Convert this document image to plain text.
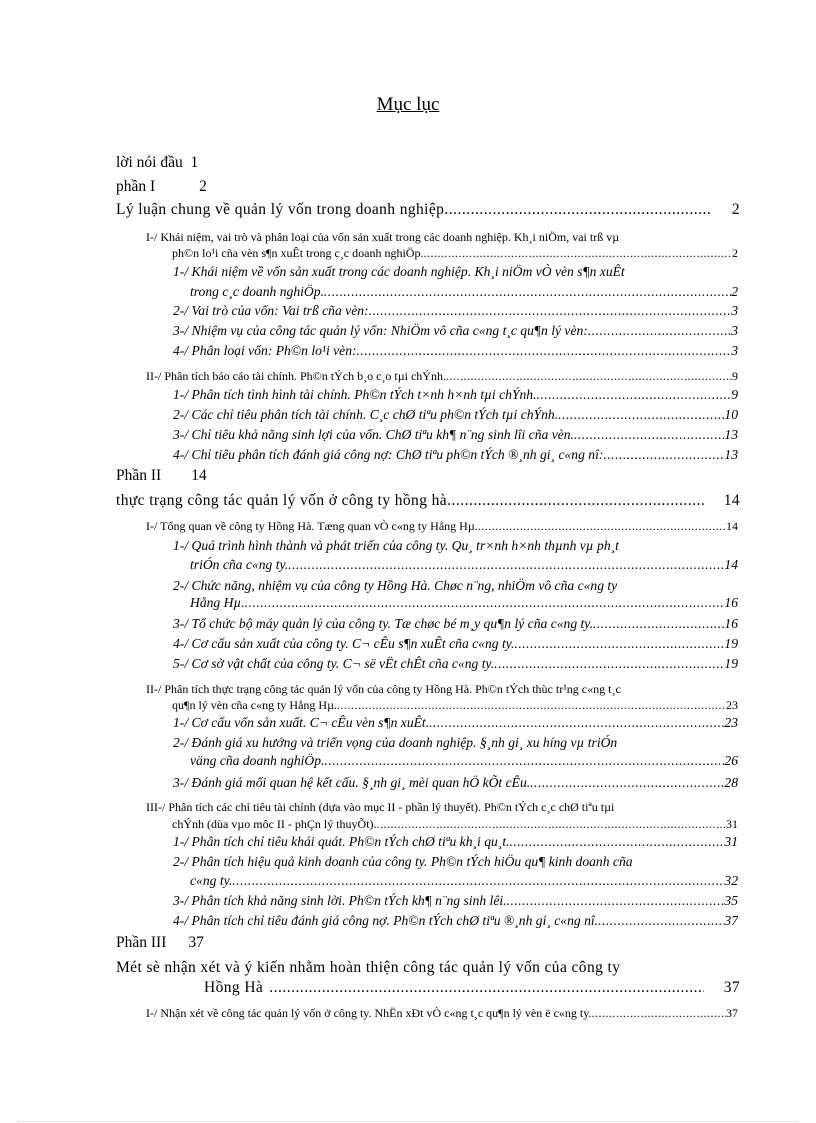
Mục lục
lời nói đầu 1
phần I	2
Lý luận chung về quản lý vốn trong doanh nghiệp .....	2
I-/ Khái niệm, vai trò và phân loại của vốn sản xuất trong các doanh nghiệp. Kh¸i niÖm, vai trß vµ
ph©n lo¹i cña vèn s¶n xuÊt trong c¸c doanh nghiÖp. .....	2
1-/ Khái niệm về vốn sản xuất trong các doanh nghiệp. Kh¸i niÖm vÒ vèn s¶n xuÊt
trong c¸c doanh nghiÖp. .....	2
2-/ Vai trò của vốn: Vai trß cña vèn: .....	3
3-/ Nhiệm vụ của công tác quản lý vốn: NhiÖm vô cña c«ng t¸c qu¶n lý vèn: .....	3
4-/ Phân loại vốn: Ph©n lo¹i vèn: .....	3
II-/ Phân tích báo cáo tài chính. Ph©n tÝch b¸o c¸o tµi chÝnh. .....	9
1-/ Phân tích tình hình tài chính. Ph©n tÝch t×nh h×nh tµi chÝnh. .....	9
2-/ Các chỉ tiêu phân tích tài chính. C¸c chØ tiªu ph©n tÝch tµi chÝnh. .....	10
3-/ Chỉ tiêu khả năng sinh lợi của vốn. ChØ tiªu kh¶ n¨ng sinh lîi cña vèn. .....	13
4-/ Chỉ tiêu phân tích đánh giá công nợ: ChØ tiªu ph©n tÝch ®¸nh gi¸ c«ng nî: .....	13
Phần II 14
thực trạng công tác quản lý vốn ở công ty hồng hà .....	14
I-/ Tổng quan về công ty Hồng Hà. Tæng quan vÒ c«ng ty Hång Hµ. .....	14
1-/ Quá trình hình thành và phát triển của công ty. Qu¸ tr×nh h×nh thµnh vµ ph¸t
triÓn cña c«ng ty. .....	14
2-/ Chức năng, nhiệm vụ của công ty Hồng Hà. Chøc n¨ng, nhiÖm vô cña c«ng ty
Hång Hµ. .....	16
3-/ Tổ chức bộ máy quản lý của công ty. Tæ chøc bé m¸y qu¶n lý cña c«ng ty. .....	16
4-/ Cơ cấu sản xuất của công ty. C¬ cÊu s¶n xuÊt cña c«ng ty. .....	19
5-/ Cơ sở vật chất của công ty. C¬ së vËt chÊt cña c«ng ty. .....	19
II-/ Phân tích thực trạng công tác quản lý vốn của công ty Hồng Hà. Ph©n tÝch thùc tr¹ng c«ng t¸c
qu¶n lý vèn cña c«ng ty Hång Hµ. .....	23
1-/ Cơ cấu vốn sản xuất. C¬ cÊu vèn s¶n xuÊt. .....	23
2-/ Đánh giá xu hướng và triển vọng của doanh nghiệp. §¸nh gi¸ xu híng vµ triÓn
väng cña doanh nghiÖp. .....	26
3-/ Đánh giá mối quan hệ kết cấu. §¸nh gi¸ mèi quan hÖ kÕt cÊu. .....	28
III-/ Phân tích các chỉ tiêu tài chính (dựa vào mục II - phần lý thuyết). Ph©n tÝch c¸c chØ tiªu tµi
chÝnh (dùa vµo môc II - phÇn lý thuyÕt). .....	31
1-/ Phân tích chỉ tiêu khái quát. Ph©n tÝch chØ tiªu kh¸i qu¸t. .....	31
2-/ Phân tích hiệu quả kinh doanh của công ty. Ph©n tÝch hiÖu qu¶ kinh doanh cña
c«ng ty. .....	32
3-/ Phân tích khả năng sinh lời. Ph©n tÝch kh¶ n¨ng sinh lêi. .....	35
4-/ Phân tích chỉ tiêu đánh giá công nợ. Ph©n tÝch chØ tiªu ®¸nh gi¸ c«ng nî. .....	37
Phần III 37
Mét sè nhận xét và ý kiến nhằm hoàn thiện công tác quản lý vốn của công ty
Hồng Hà .....	37
I-/ Nhận xét về công tác quản lý vốn ở công ty. NhËn xÐt vÒ c«ng t¸c qu¶n lý vèn ë c«ng ty. .....	37
